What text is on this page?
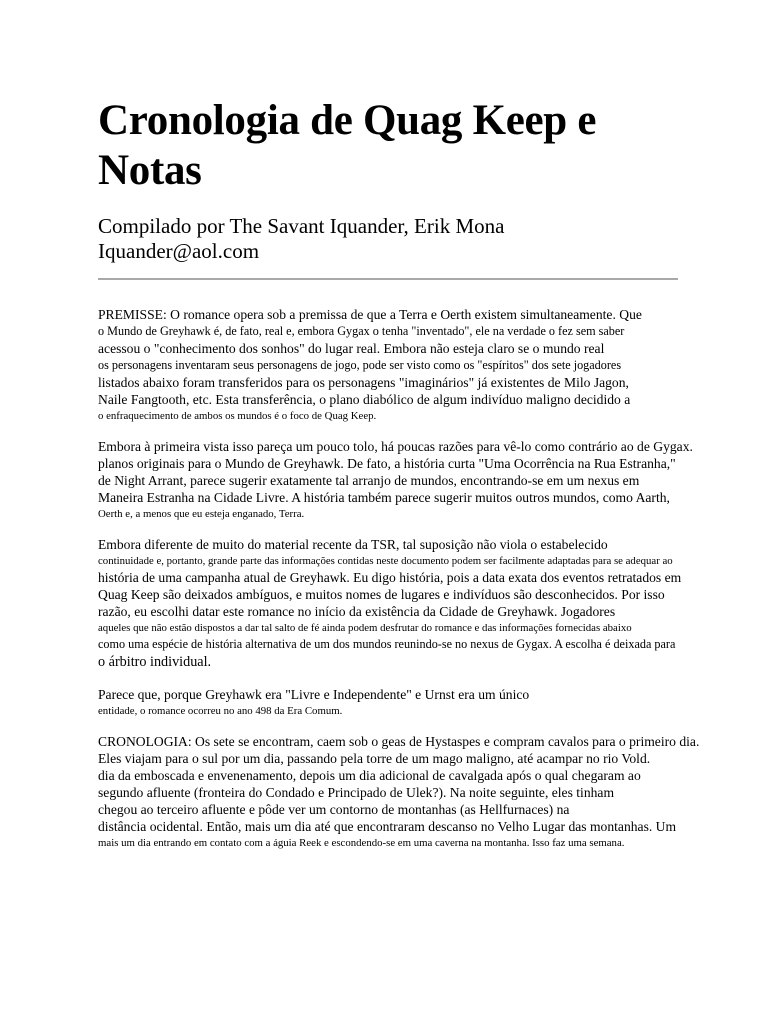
Cronologia de Quag Keep e
Notas
Compilado por The Savant Iquander, Erik Mona
Iquander@aol.com
PREMISSE: O romance opera sob a premissa de que a Terra e Oerth existem simultaneamente. Que
o Mundo de Greyhawk é, de fato, real e, embora Gygax o tenha "inventado", ele na verdade o fez sem saber
acessou o "conhecimento dos sonhos" do lugar real. Embora não esteja claro se o mundo real
os personagens inventaram seus personagens de jogo, pode ser visto como os "espíritos" dos sete jogadores
listados abaixo foram transferidos para os personagens "imaginários" já existentes de Milo Jagon,
Naile Fangtooth, etc. Esta transferência, o plano diabólico de algum indivíduo maligno decidido a
o enfraquecimento de ambos os mundos é o foco de Quag Keep.
Embora à primeira vista isso pareça um pouco tolo, há poucas razões para vê-lo como contrário ao de Gygax.
planos originais para o Mundo de Greyhawk. De fato, a história curta "Uma Ocorrência na Rua Estranha,"
de Night Arrant, parece sugerir exatamente tal arranjo de mundos, encontrando-se em um nexus em
Maneira Estranha na Cidade Livre. A história também parece sugerir muitos outros mundos, como Aarth,
Oerth e, a menos que eu esteja enganado, Terra.
Embora diferente de muito do material recente da TSR, tal suposição não viola o estabelecido
continuidade e, portanto, grande parte das informações contidas neste documento podem ser facilmente adaptadas para se adequar ao
história de uma campanha atual de Greyhawk. Eu digo história, pois a data exata dos eventos retratados em
Quag Keep são deixados ambíguos, e muitos nomes de lugares e indivíduos são desconhecidos. Por isso
razão, eu escolhi datar este romance no início da existência da Cidade de Greyhawk. Jogadores
aqueles que não estão dispostos a dar tal salto de fé ainda podem desfrutar do romance e das informações fornecidas abaixo
como uma espécie de história alternativa de um dos mundos reunindo-se no nexus de Gygax. A escolha é deixada para
o árbitro individual.
Parece que, porque Greyhawk era "Livre e Independente" e Urnst era um único
entidade, o romance ocorreu no ano 498 da Era Comum.
CRONOLOGIA: Os sete se encontram, caem sob o geas de Hystaspes e compram cavalos para o primeiro dia.
Eles viajam para o sul por um dia, passando pela torre de um mago maligno, até acampar no rio Vold.
dia da emboscada e envenenamento, depois um dia adicional de cavalgada após o qual chegaram ao
segundo afluente (fronteira do Condado e Principado de Ulek?). Na noite seguinte, eles tinham
chegou ao terceiro afluente e pôde ver um contorno de montanhas (as Hellfurnaces) na
distância ocidental. Então, mais um dia até que encontraram descanso no Velho Lugar das montanhas. Um
mais um dia entrando em contato com a águia Reek e escondendo-se em uma caverna na montanha. Isso faz uma semana.
